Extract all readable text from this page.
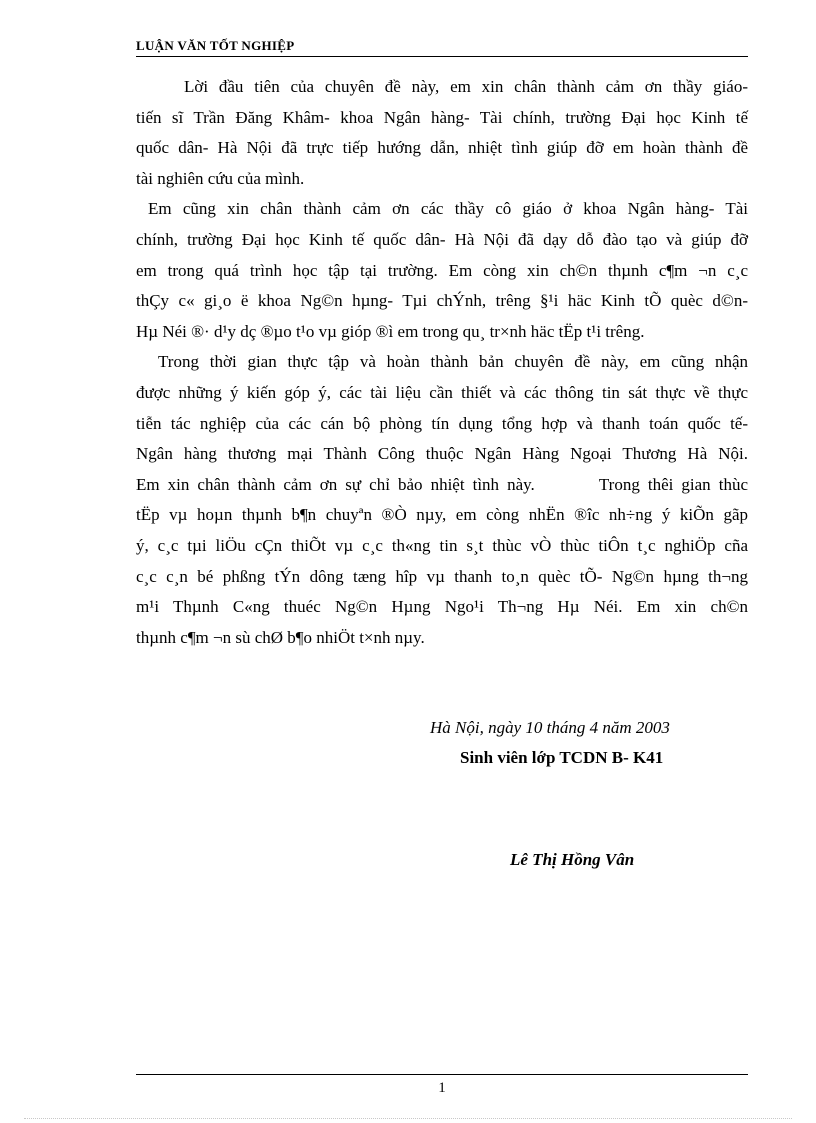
LUẬN VĂN TỐT NGHIỆP
Lời đầu tiên của chuyên đề này, em xin chân thành cảm ơn thầy giáo-
tiến sĩ Trần Đăng Khâm- khoa Ngân hàng- Tài chính, trường Đại học Kinh tế
quốc dân- Hà Nội đã trực tiếp hướng dẫn, nhiệt tình giúp đỡ em hoàn thành đề
tài nghiên cứu của mình.
Em cũng xin chân thành cảm ơn các thầy cô giáo ở khoa Ngân hàng- Tài
chính, trường Đại học Kinh tế quốc dân- Hà Nội đã dạy dỗ đào tạo và giúp đỡ
em trong quá trình học tập tại trường. Em còng xin ch©n thµnh c¶m ¬n c¸c
thÇy c« gi¸o ë khoa Ng©n hµng- Tµi chÝnh, trêng §¹i häc Kinh tÕ quèc d©n-
Hµ Néi ®· d¹y dç ®µo t¹o vµ gióp ®ì em trong qu¸ tr×nh häc tËp t¹i trêng.
Trong thời gian thực tập và hoàn thành bản chuyên đề này, em cũng nhận
được những ý kiến góp ý, các tài liệu cần thiết và các thông tin sát thực về thực
tiễn tác nghiệp của các cán bộ phòng tín dụng tổng hợp và thanh toán quốc tế-
Ngân hàng thương mại Thành Công thuộc Ngân Hàng Ngoại Thương Hà Nội.
Em xin chân thành cảm ơn sự chỉ bảo nhiệt tình này.        Trong thêi gian thùc
tËp vµ hoµn thµnh b¶n chuyªn ®Ò nµy, em còng nhËn ®îc nh÷ng ý kiÕn gãp
ý, c¸c tµi liÖu cÇn thiÕt vµ c¸c th«ng tin s¸t thùc vÒ thùc tiÔn t¸c nghiÖp cña
c¸c c¸n bé phßng tÝn dông tæng hîp vµ thanh to¸n quèc tÕ- Ng©n hµng th¬ng
m¹i Thµnh C«ng thuéc Ng©n Hµng Ngo¹i Th¬ng Hµ Néi. Em xin ch©n
thµnh c¶m ¬n sù chØ b¶o nhiÖt t×nh nµy.
Hà Nội, ngày 10 tháng 4 năm 2003
Sinh viên lớp TCDN B- K41
Lê Thị Hồng Vân
1
